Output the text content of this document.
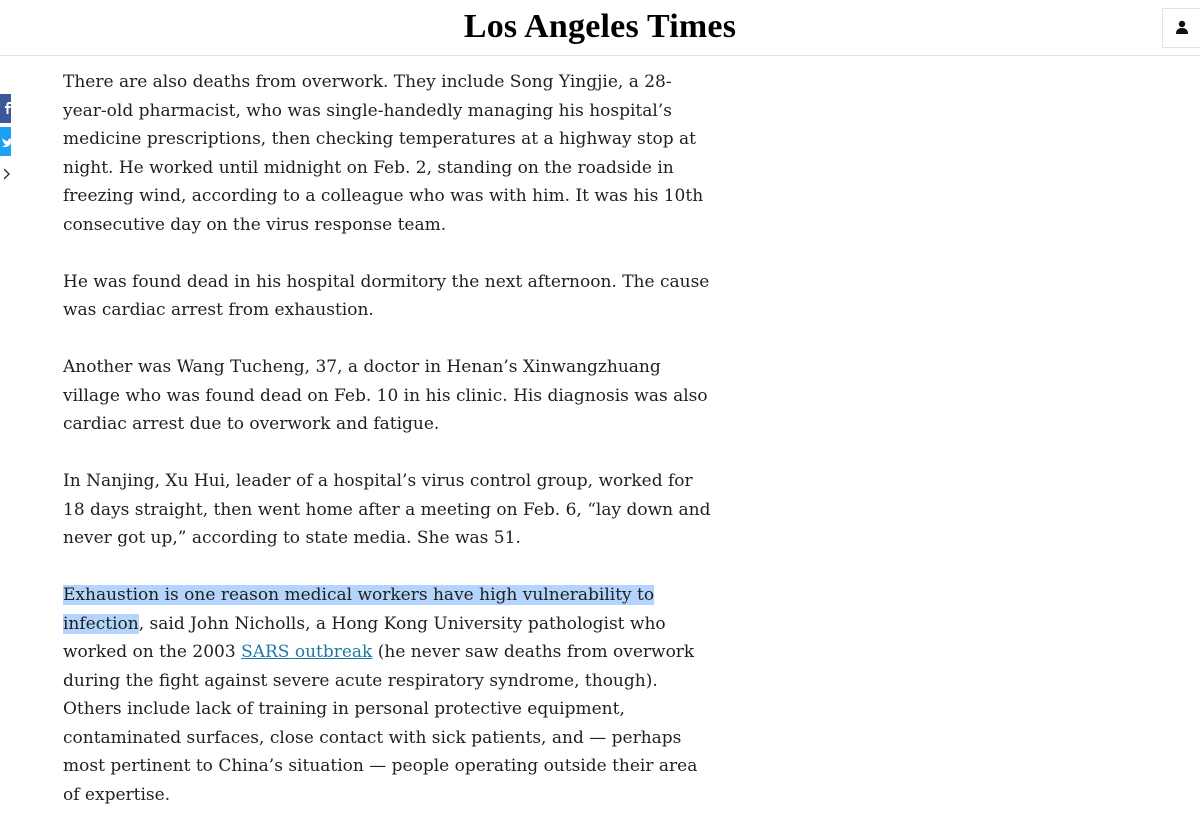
Los Angeles Times

There are also deaths from overwork. They include Song Yingjie, a 28-year-old pharmacist, who was single-handedly managing his hospital’s medicine prescriptions, then checking temperatures at a highway stop at night. He worked until midnight on Feb. 2, standing on the roadside in freezing wind, according to a colleague who was with him. It was his 10th consecutive day on the virus response team.

He was found dead in his hospital dormitory the next afternoon. The cause was cardiac arrest from exhaustion.

Another was Wang Tucheng, 37, a doctor in Henan’s Xinwangzhuang village who was found dead on Feb. 10 in his clinic. His diagnosis was also cardiac arrest due to overwork and fatigue.

In Nanjing, Xu Hui, leader of a hospital’s virus control group, worked for 18 days straight, then went home after a meeting on Feb. 6, “lay down and never got up,” according to state media. She was 51.

Exhaustion is one reason medical workers have high vulnerability to infection, said John Nicholls, a Hong Kong University pathologist who worked on the 2003 SARS outbreak (he never saw deaths from overwork during the fight against severe acute respiratory syndrome, though). Others include lack of training in personal protective equipment, contaminated surfaces, close contact with sick patients, and — perhaps most pertinent to China’s situation — people operating outside their area of expertise.
